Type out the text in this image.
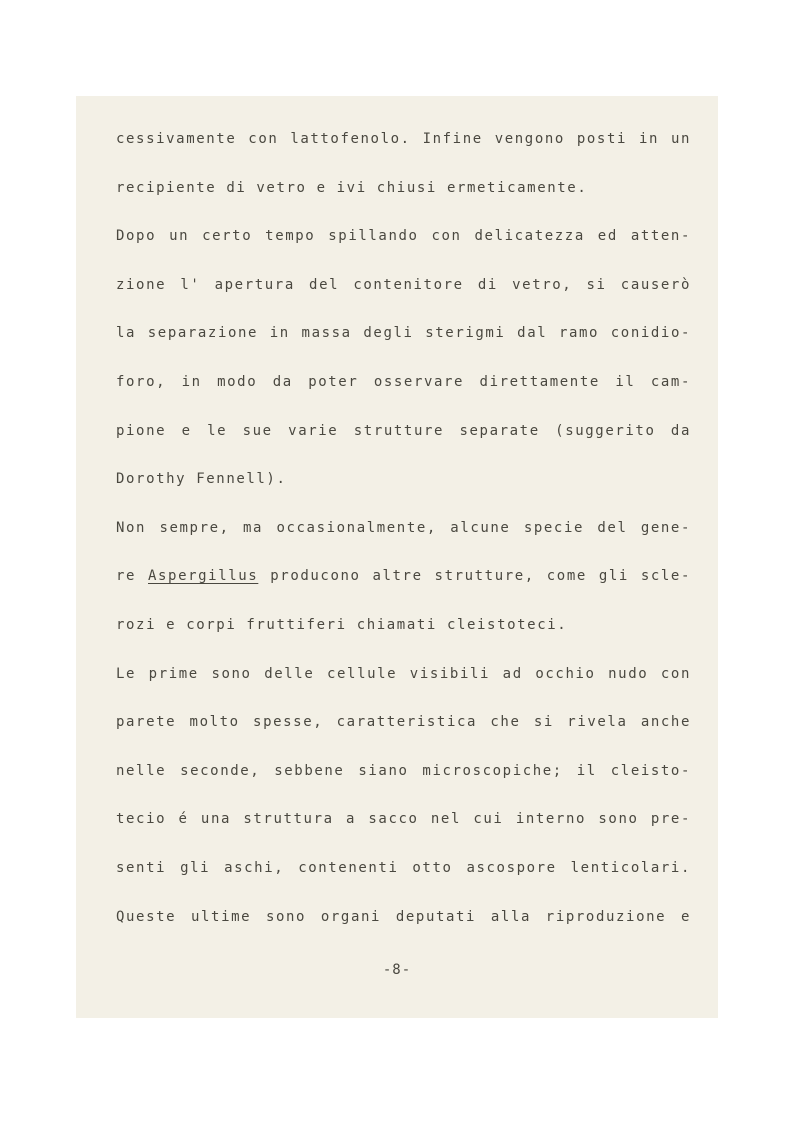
cessivamente con lattofenolo. Infine vengono posti in un
recipiente di vetro e ivi chiusi ermeticamente.
Dopo un certo tempo spillando con delicatezza ed atten-
zione l' apertura del contenitore di vetro, si causerò
la separazione in massa degli sterigmi dal ramo conidio-
foro, in modo da poter osservare direttamente il cam-
pione e le sue varie strutture separate (suggerito da
Dorothy Fennell).
Non sempre, ma occasionalmente, alcune specie del gene-
re Aspergillus producono altre strutture, come gli scle-
rozi e corpi fruttiferi chiamati cleistoteci.
Le prime sono delle cellule visibili ad occhio nudo con
parete molto spesse, caratteristica che si rivela anche
nelle seconde, sebbene siano microscopiche; il cleisto-
tecio é una struttura a sacco nel cui interno sono pre-
senti gli aschi, contenenti otto ascospore lenticolari.
Queste ultime sono organi deputati alla riproduzione e
-8-
